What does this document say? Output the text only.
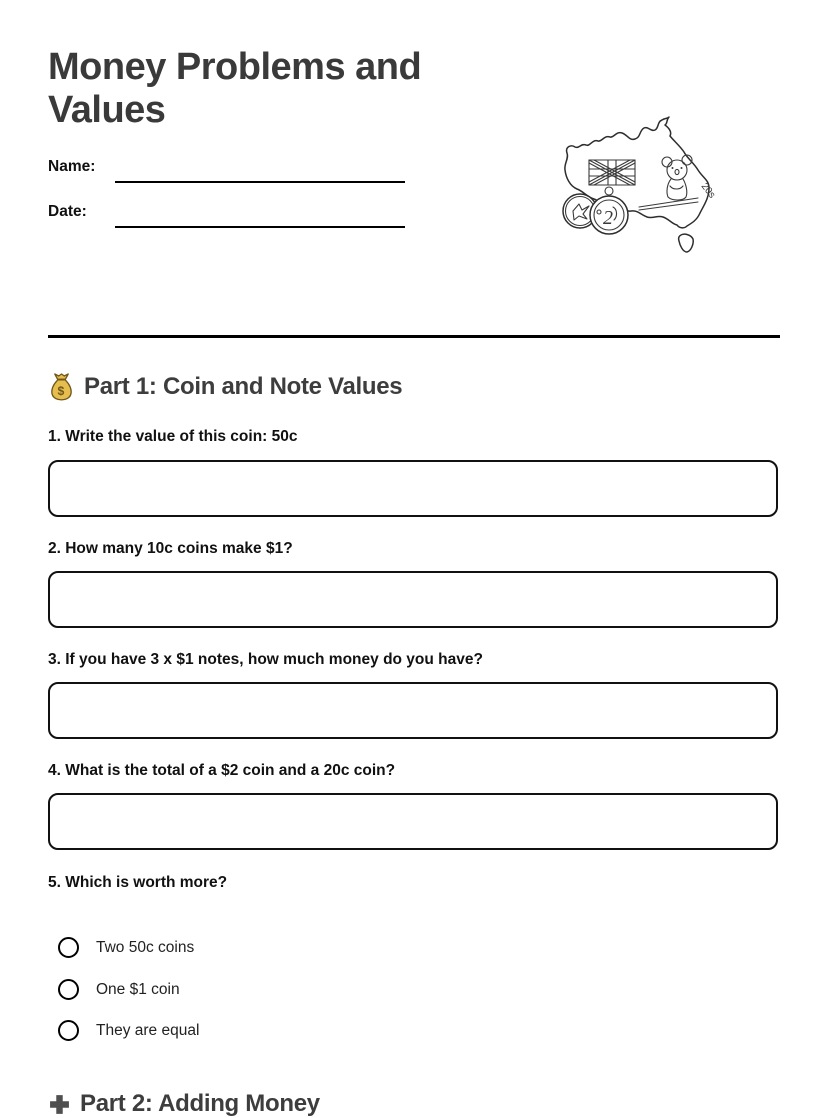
Money Problems and Values
Name:
Date:
20s
2
$ Part 1: Coin and Note Values
1. Write the value of this coin: 50c
2. How many 10c coins make $1?
3. If you have 3 x $1 notes, how much money do you have?
4. What is the total of a $2 coin and a 20c coin?
5. Which is worth more?
Two 50c coins
One $1 coin
They are equal
Part 2: Adding Money
